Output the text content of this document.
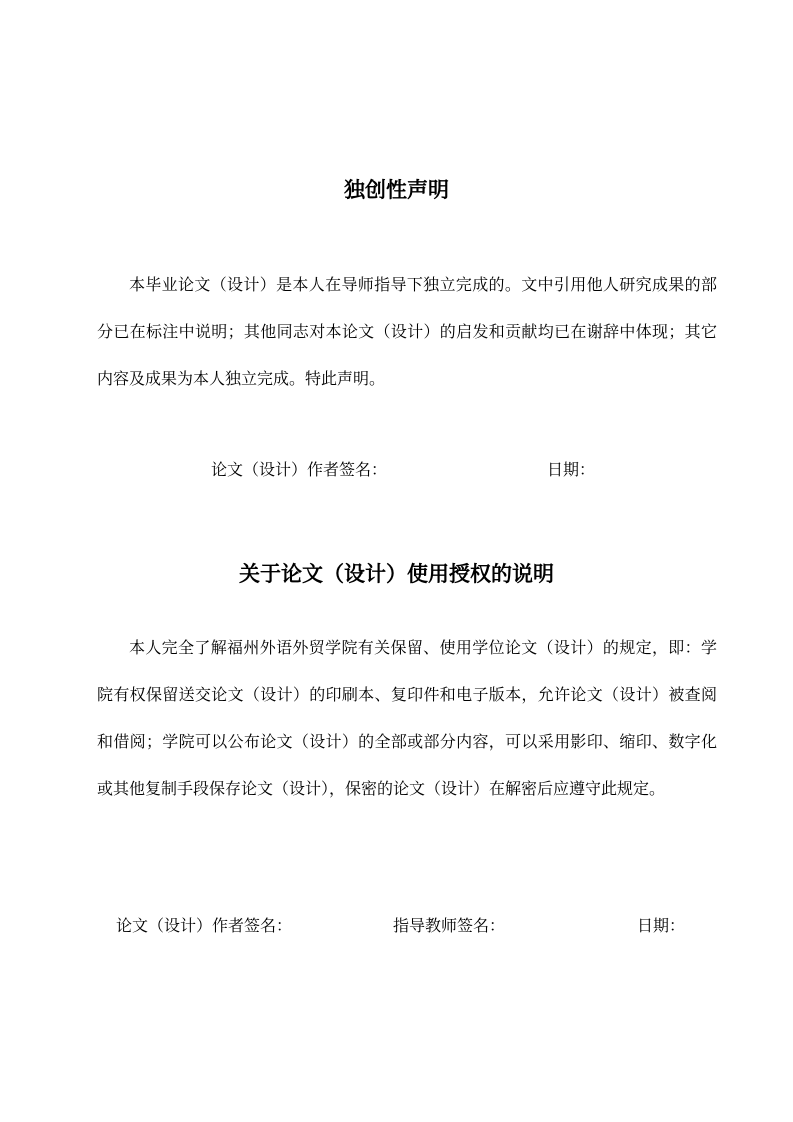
独创性声明

本毕业论文（设计）是本人在导师指导下独立完成的。文中引用他人研究成果的部分已在标注中说明；其他同志对本论文（设计）的启发和贡献均已在谢辞中体现；其它内容及成果为本人独立完成。特此声明。

论文（设计）作者签名：	日期：
关于论文（设计）使用授权的说明

本人完全了解福州外语外贸学院有关保留、使用学位论文（设计）的规定，即：学院有权保留送交论文（设计）的印刷本、复印件和电子版本，允许论文（设计）被查阅和借阅；学院可以公布论文（设计）的全部或部分内容，可以采用影印、缩印、数字化或其他复制手段保存论文（设计），保密的论文（设计）在解密后应遵守此规定。

论文（设计）作者签名：	指导教师签名：	日期：
